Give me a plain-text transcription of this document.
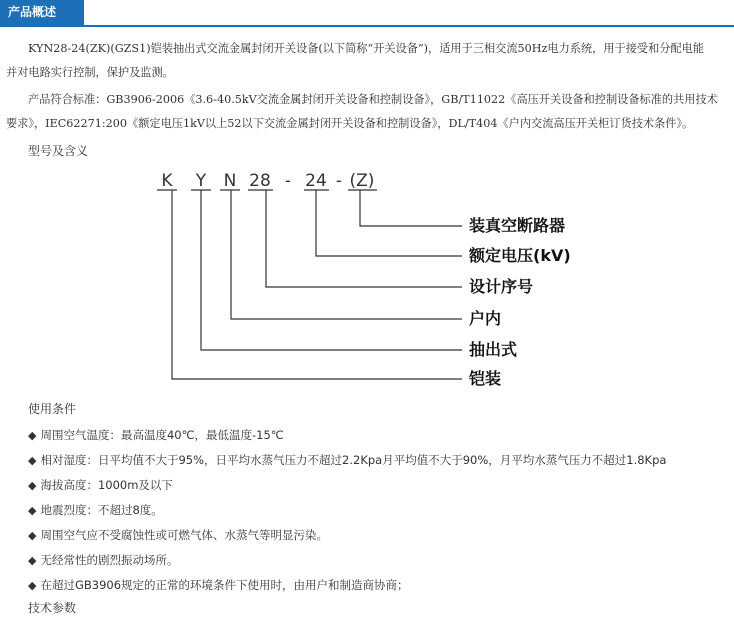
产品概述

KYN28-24(ZK)(GZS1)铠装抽出式交流金属封闭开关设备(以下简称“开关设备”)，适用于三相交流50Hz电力系统，用于接受和分配电能

并对电路实行控制，保护及监测。

产品符合标准：GB3906-2006《3.6-40.5kV交流金属封闭开关设备和控制设备》，GB/T11022《高压开关设备和控制设备标准的共用技术

要求》，IEC62271:200《额定电压1kV以上52以下交流金属封闭开关设备和控制设备》，DL/T404《户内交流高压开关柜订货技术条件》。

型号及含义
K Y N 28 - 24 - (Z)
装真空断路器
额定电压(kV)
设计序号
户内
抽出式
铠装
使用条件
◆ 周围空气温度：最高温度40℃，最低温度-15℃
◆ 相对湿度：日平均值不大于95%，日平均水蒸气压力不超过2.2Kpa月平均值不大于90%，月平均水蒸气压力不超过1.8Kpa
◆ 海拔高度：1000m及以下
◆ 地震烈度：不超过8度。
◆ 周围空气应不受腐蚀性或可燃气体、水蒸气等明显污染。
◆ 无经常性的剧烈振动场所。
◆ 在超过GB3906规定的正常的环境条件下使用时，由用户和制造商协商；
技术参数
